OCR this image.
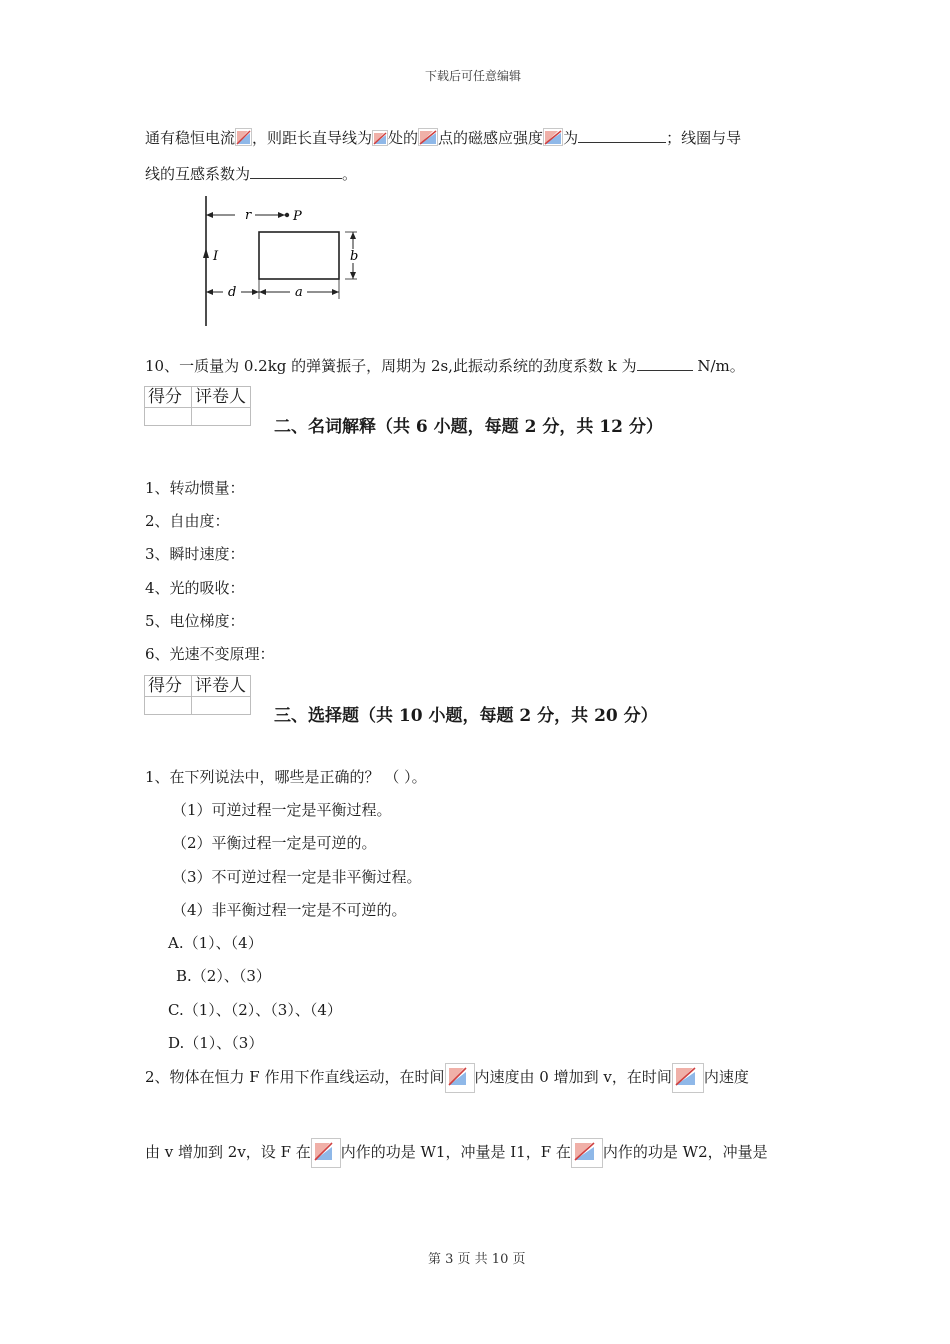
下载后可任意编辑
通有稳恒电流 ，则距长直导线为 处的 点的磁感应强度 为	；线圈与导
线的互感系数为	。
r	P
I	b
d	a
10、一质量为 0.2kg 的弹簧振子，周期为 2s,此振动系统的劲度系数 k 为	N/m。
得分	评卷人

二、名词解释（共 6 小题，每题 2 分，共 12 分）
1、转动惯量：
2、自由度：
3、瞬时速度：
4、光的吸收：
5、电位梯度：
6、光速不变原理：
得分	评卷人

三、选择题（共 10 小题，每题 2 分，共 20 分）
1、在下列说法中，哪些是正确的？ （ ）。
（1）可逆过程一定是平衡过程。
（2）平衡过程一定是可逆的。
（3）不可逆过程一定是非平衡过程。
（4）非平衡过程一定是不可逆的。
A.（1）、（4）
B.（2）、（3）
C.（1）、（2）、（3）、（4）
D.（1）、（3）
2、物体在恒力 F 作用下作直线运动，在时间 内速度由 0 增加到 v，在时间 内速度
由 v 增加到 2v，设 F 在 内作的功是 W1，冲量是 I1，F 在 内作的功是 W2，冲量是
第 3 页 共 10 页
